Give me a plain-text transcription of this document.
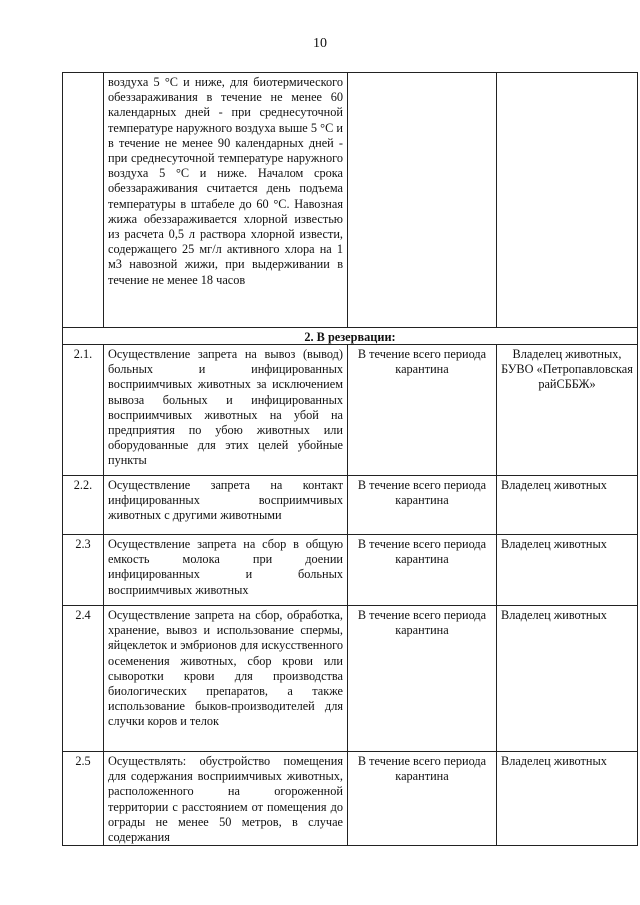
10
	воздуха 5 °С и ниже, для биотермического обеззараживания в течение не менее 60 календарных дней - при среднесуточной температуре наружного воздуха выше 5 °С и в течение не менее 90 календарных дней - при среднесуточной температуре наружного воздуха 5 °С и ниже. Началом срока обеззараживания считается день подъема температуры в штабеле до 60 °С. Навозная жижа обеззараживается хлорной известью из расчета 0,5 л раствора хлорной извести, содержащего 25 мг/л активного хлора на 1 м3 навозной жижи, при выдерживании в течение не менее 18 часов		
2. В резервации:			
2.1.	Осуществление запрета на вывоз (вывод) больных и инфицированных восприимчивых животных за исключением вывоза больных и инфицированных восприимчивых животных на убой на предприятия по убою животных или оборудованные для этих целей убойные пункты	В течение всего периода карантина	Владелец животных, БУВО «Петропавловская райСББЖ»
2.2.	Осуществление запрета на контакт инфицированных восприимчивых животных с другими животными	В течение всего периода карантина	Владелец животных
2.3	Осуществление запрета на сбор в общую емкость молока при доении инфицированных и больных восприимчивых животных	В течение всего периода карантина	Владелец животных
2.4	Осуществление запрета на сбор, обработка, хранение, вывоз и использование спермы, яйцеклеток и эмбрионов для искусственного осеменения животных, сбор крови или сыворотки крови для производства биологических препаратов, а также использование быков-производителей для случки коров и телок	В течение всего периода карантина	Владелец животных
2.5	Осуществлять: обустройство помещения для содержания восприимчивых животных, расположенного на огороженной территории с расстоянием от помещения до ограды не менее 50 метров, в случае содержания	В течение всего периода карантина	Владелец животных
